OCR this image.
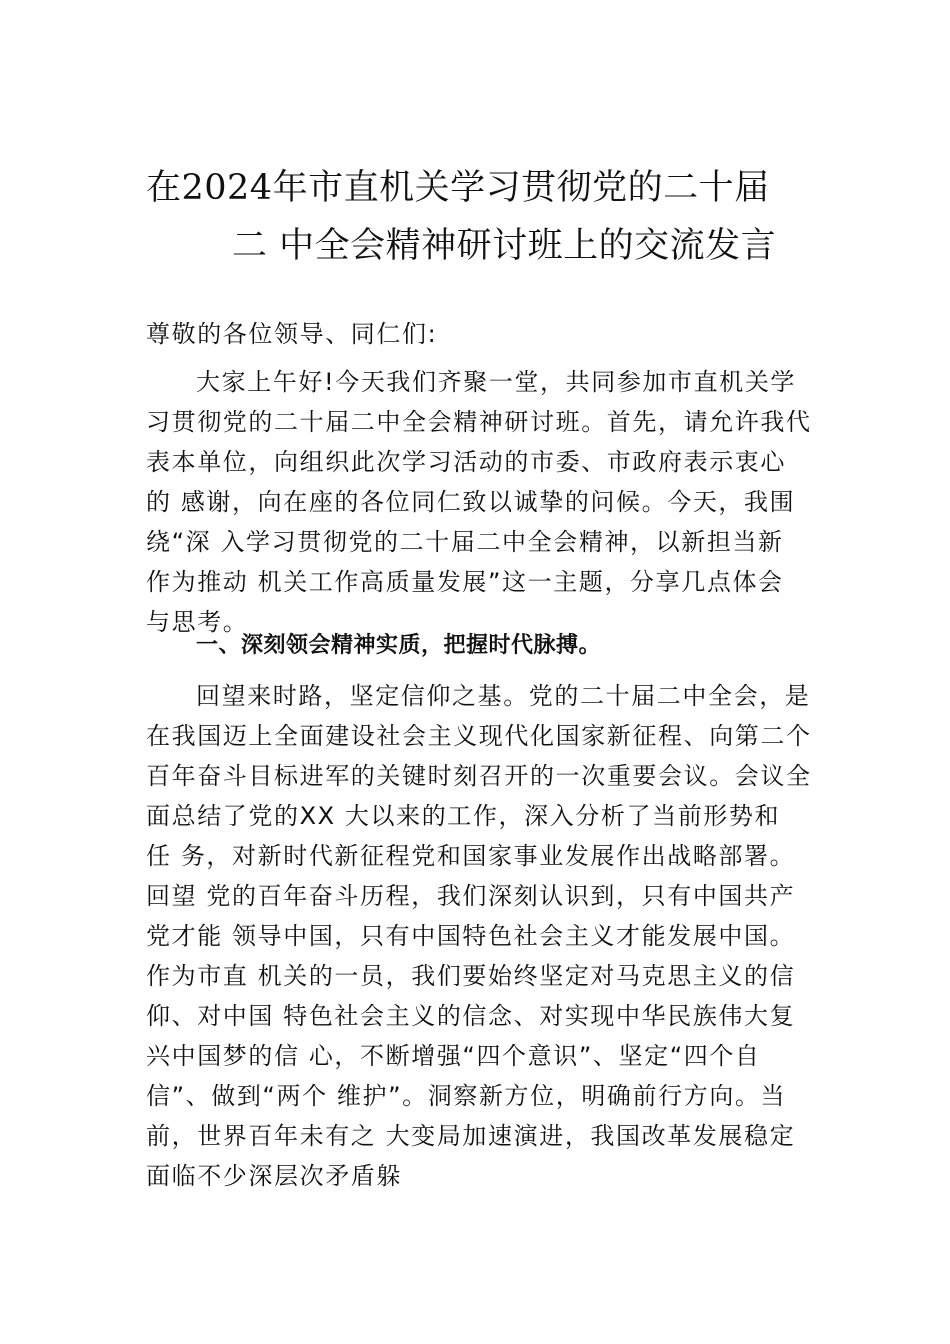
在2024年市直机关学习贯彻党的二十届
二 中全会精神研讨班上的交流发言
尊敬的各位领导、同仁们:
大家上午好!今天我们齐聚一堂，共同参加市直机关学
习贯彻党的二十届二中全会精神研讨班。首先，请允许我代
表本单位，向组织此次学习活动的市委、市政府表示衷心
的 感谢，向在座的各位同仁致以诚挚的问候。今天，我围
绕“深 入学习贯彻党的二十届二中全会精神，以新担当新
作为推动 机关工作高质量发展”这一主题，分享几点体会
与思考。
一、深刻领会精神实质，把握时代脉搏。
回望来时路，坚定信仰之基。党的二十届二中全会，是
在我国迈上全面建设社会主义现代化国家新征程、向第二个
百年奋斗目标进军的关键时刻召开的一次重要会议。会议全
面总结了党的XX 大以来的工作，深入分析了当前形势和
任 务，对新时代新征程党和国家事业发展作出战略部署。
回望 党的百年奋斗历程，我们深刻认识到，只有中国共产
党才能 领导中国，只有中国特色社会主义才能发展中国。
作为市直 机关的一员，我们要始终坚定对马克思主义的信
仰、对中国 特色社会主义的信念、对实现中华民族伟大复
兴中国梦的信 心，不断增强“四个意识”、坚定“四个自
信”、做到“两个 维护”。洞察新方位，明确前行方向。当
前，世界百年未有之 大变局加速演进，我国改革发展稳定
面临不少深层次矛盾躲
